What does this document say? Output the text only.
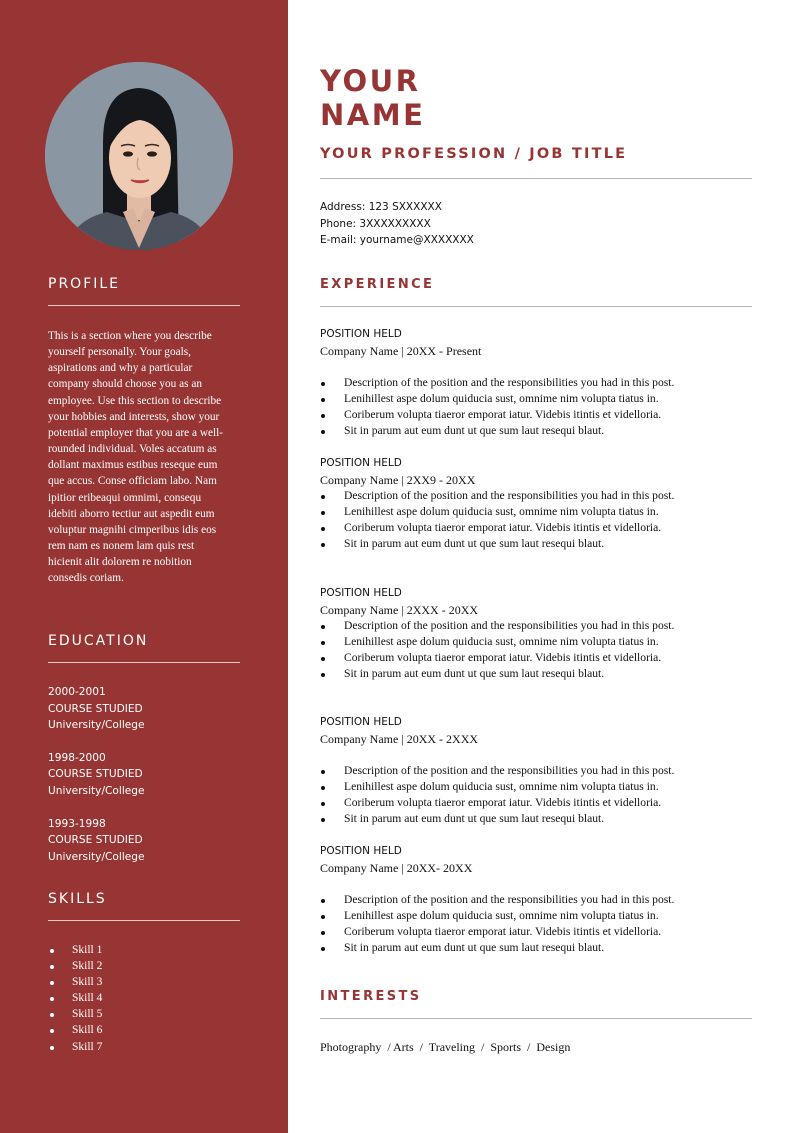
PROFILE
This is a section where you describe
yourself personally. Your goals,
aspirations and why a particular
company should choose you as an
employee. Use this section to describe
your hobbies and interests, show your
potential employer that you are a well-
rounded individual. Voles accatum as
dollant maximus estibus reseque eum
que accus. Conse officiam labo. Nam
ipitior eribeaqui omnimi, consequ
idebiti aborro tectiur aut aspedit eum
voluptur magnihi cimperibus idis eos
rem nam es nonem lam quis rest
hicienit alit dolorem re nobition
consedis coriam.
EDUCATION
2000-2001
COURSE STUDIED
University/College
1998-2000
COURSE STUDIED
University/College
1993-1998
COURSE STUDIED
University/College
SKILLS
Skill 1
Skill 2
Skill 3
Skill 4
Skill 5
Skill 6
Skill 7
YOUR
NAME
YOUR PROFESSION / JOB TITLE
Address: 123 SXXXXXX
Phone: 3XXXXXXXXX
E-mail: yourname@XXXXXXX
EXPERIENCE
POSITION HELD
Company Name | 20XX - Present
Description of the position and the responsibilities you had in this post.
Lenihillest aspe dolum quiducia sust, omnime nim volupta tiatus in.
Coriberum volupta tiaeror emporat iatur. Videbis itintis et videlloria.
Sit in parum aut eum dunt ut que sum laut resequi blaut.
POSITION HELD
Company Name | 2XX9 - 20XX
Description of the position and the responsibilities you had in this post.
Lenihillest aspe dolum quiducia sust, omnime nim volupta tiatus in.
Coriberum volupta tiaeror emporat iatur. Videbis itintis et videlloria.
Sit in parum aut eum dunt ut que sum laut resequi blaut.
POSITION HELD
Company Name | 2XXX - 20XX
Description of the position and the responsibilities you had in this post.
Lenihillest aspe dolum quiducia sust, omnime nim volupta tiatus in.
Coriberum volupta tiaeror emporat iatur. Videbis itintis et videlloria.
Sit in parum aut eum dunt ut que sum laut resequi blaut.
POSITION HELD
Company Name | 20XX - 2XXX
Description of the position and the responsibilities you had in this post.
Lenihillest aspe dolum quiducia sust, omnime nim volupta tiatus in.
Coriberum volupta tiaeror emporat iatur. Videbis itintis et videlloria.
Sit in parum aut eum dunt ut que sum laut resequi blaut.
POSITION HELD
Company Name | 20XX- 20XX
Description of the position and the responsibilities you had in this post.
Lenihillest aspe dolum quiducia sust, omnime nim volupta tiatus in.
Coriberum volupta tiaeror emporat iatur. Videbis itintis et videlloria.
Sit in parum aut eum dunt ut que sum laut resequi blaut.
INTERESTS
Photography  / Arts  /  Traveling  /  Sports  /  Design
